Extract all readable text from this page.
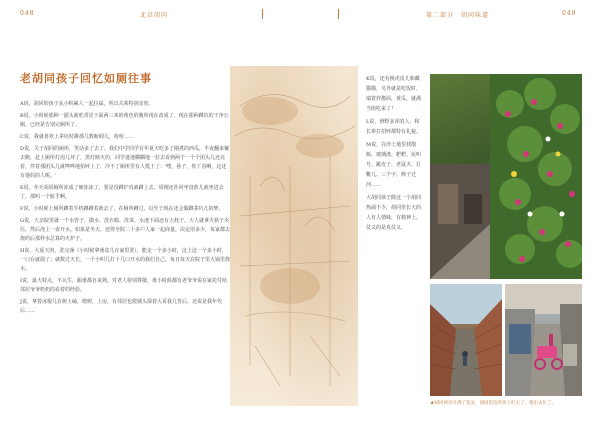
048	北京胡同	第二部分　胡同味道	049
老胡同孩子回忆如厕往事

A说，胡同的孩子从小积累人一起拉屎，所以关系特别亲密。

B说，小时候那种一溜头就吃香见下面两三米的黄色的腹所现在改成了，现在那种蹲坑的干净公厕，已经是告别完厕所了。

C说，我就喜欢上茅坑时蹲那几数蚯蚓儿，哈哈……

D说，关于胡同的厕所，笑话多了去了。我们中学同学有年夏天吃多了刚煮的西瓜，半夜翻来覆去跑，赶上厕所灯泡儿坏了，黑灯瞎火的，同学迷迷糊糊地一拉去看到两个一个个团头儿还亮着，伴着那团头儿就哗哗地拍呼上了，冷不丁厕所里有人慌上了：'嘿，孙子，你丫看啊，这还有他妈的人呢。'

E说，冬天胡同厕所冻成了硬冻冰了，要是没蹲护真就蹲上去。周刚还扑同坐没准儿就坐进去了，那叫一个脏乎啊。

F说，小时候上厕所蹲着手机蹲蹲着就去了，在厕所蹲过，以至于现在还会做蹲茅坑儿的梦。

G说，大杂院里就一个水管子，做水、洗衣服、洗菜，水池下面还有大耗子。大人就拿火筷子夹住，然后浇上一壶开水。如果是冬天，还得全院二十多户人家一起商量，决定用多少，每家都去烧的后那样水总算的火炉子。

H说，大夏天的，洗完澡（小时候拿澡盆儿在家里洗），能走一个多小时，这上这一个多小时，一口在就溜了；就数过天长，一个小叫儿打十几口开水的我们自己，每日每天在院子里大锅里烧水。

I说，最大特点，不认生，跟谁都自来熟，对老人特别尊敬，谁小时候都有老爷爷说在家托付给邻居爷爷奶奶的看着的经验。

J说，拿着冰棍儿在树上磕，爬树，上房，有邻居也爬墙头探着大哥我儿背后，还说是我年代后……

K说，还有换虎皮儿和藏猫猫，另外就是吃饭时，端着炸酱面，黄瓜，就满当街吃来了！

L说，滑野多浑的人，和长辈打招呼都特有礼貌。

M说，在沙土地里找散瓶、玻璃渣、粑粑、玩叫号、跳皮子、老鼠夫、打靴儿、三个字、棒子过河……

大胡同孩子除这一个胡同热闹不少，胡同里长大的人有人情味，有精神上，仗义的是真仗义。

★胡同两旁开满了花朵，胡同里边的孩子们大了，要东去忙了。
